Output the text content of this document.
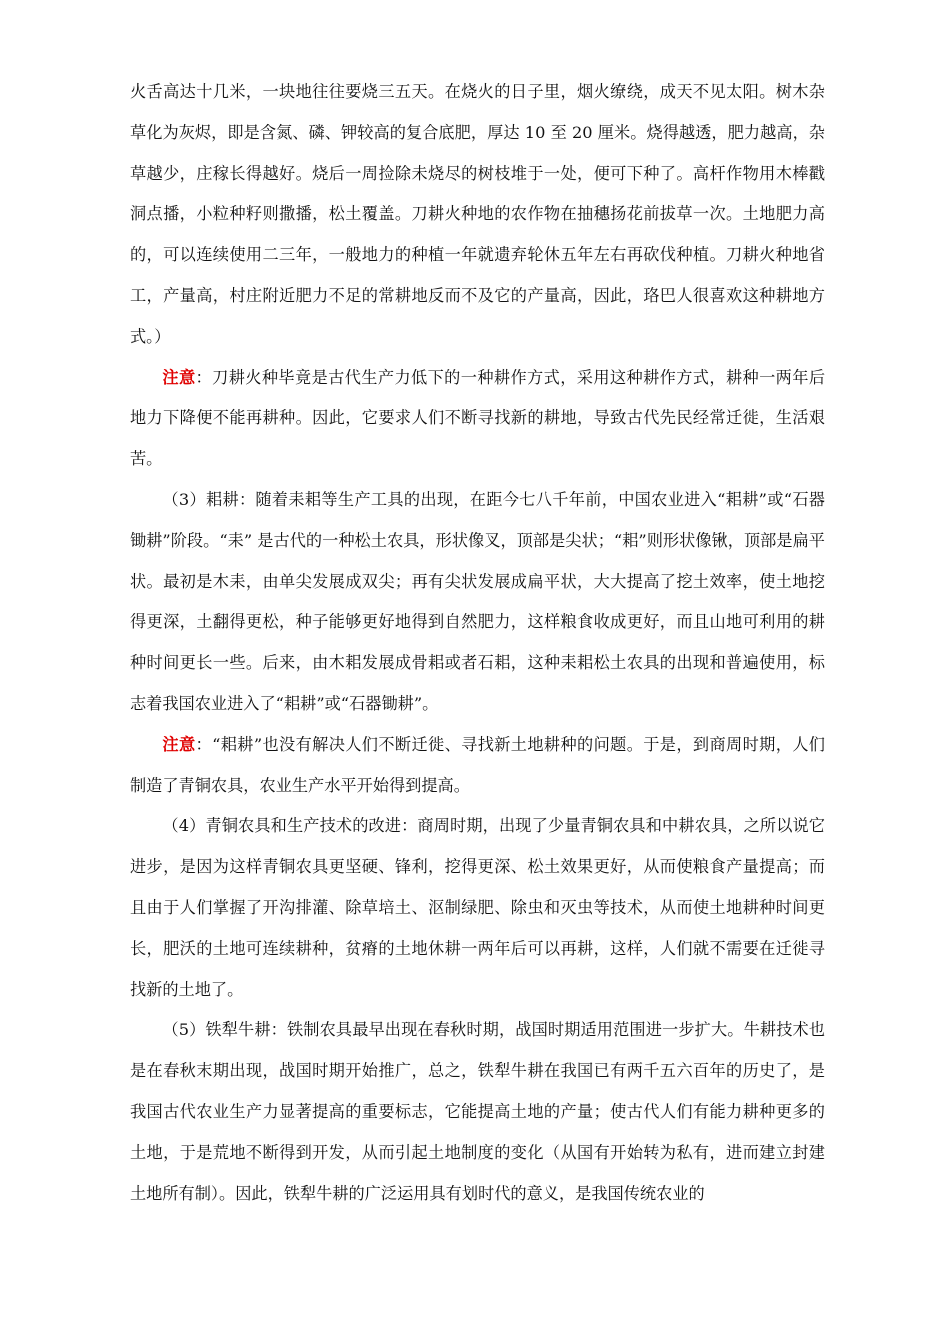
火舌高达十几米，一块地往往要烧三五天。在烧火的日子里，烟火缭绕，成天不见太阳。树木杂草化为灰烬，即是含氮、磷、钾较高的复合底肥，厚达 10 至 20 厘米。烧得越透，肥力越高，杂草越少，庄稼长得越好。烧后一周捡除未烧尽的树枝堆于一处，便可下种了。高杆作物用木棒戳洞点播，小粒种籽则撒播，松土覆盖。刀耕火种地的农作物在抽穗扬花前拔草一次。土地肥力高的，可以连续使用二三年，一般地力的种植一年就遗弃轮休五年左右再砍伐种植。刀耕火种地省工，产量高，村庄附近肥力不足的常耕地反而不及它的产量高，因此，珞巴人很喜欢这种耕地方式。）

注意：刀耕火种毕竟是古代生产力低下的一种耕作方式，采用这种耕作方式，耕种一两年后地力下降便不能再耕种。因此，它要求人们不断寻找新的耕地，导致古代先民经常迁徙，生活艰苦。

（3）耜耕：随着耒耜等生产工具的出现，在距今七八千年前，中国农业进入“耜耕”或“石器锄耕”阶段。“耒” 是古代的一种松土农具，形状像叉，顶部是尖状；“耜”则形状像锹，顶部是扁平状。最初是木耒，由单尖发展成双尖；再有尖状发展成扁平状，大大提高了挖土效率，使土地挖得更深，土翻得更松，种子能够更好地得到自然肥力，这样粮食收成更好，而且山地可利用的耕种时间更长一些。后来，由木耜发展成骨耜或者石耜，这种耒耜松土农具的出现和普遍使用，标志着我国农业进入了“耜耕”或“石器锄耕”。

注意：“耜耕”也没有解决人们不断迁徙、寻找新土地耕种的问题。于是，到商周时期，人们制造了青铜农具，农业生产水平开始得到提高。

（4）青铜农具和生产技术的改进：商周时期，出现了少量青铜农具和中耕农具，之所以说它进步，是因为这样青铜农具更坚硬、锋利，挖得更深、松土效果更好，从而使粮食产量提高；而且由于人们掌握了开沟排灌、除草培土、沤制绿肥、除虫和灭虫等技术，从而使土地耕种时间更长，肥沃的土地可连续耕种，贫瘠的土地休耕一两年后可以再耕，这样，人们就不需要在迁徙寻找新的土地了。

（5）铁犁牛耕：铁制农具最早出现在春秋时期，战国时期适用范围进一步扩大。牛耕技术也是在春秋末期出现，战国时期开始推广，总之，铁犁牛耕在我国已有两千五六百年的历史了，是我国古代农业生产力显著提高的重要标志，它能提高土地的产量；使古代人们有能力耕种更多的土地，于是荒地不断得到开发，从而引起土地制度的变化（从国有开始转为私有，进而建立封建土地所有制）。因此，铁犁牛耕的广泛运用具有划时代的意义，是我国传统农业的
